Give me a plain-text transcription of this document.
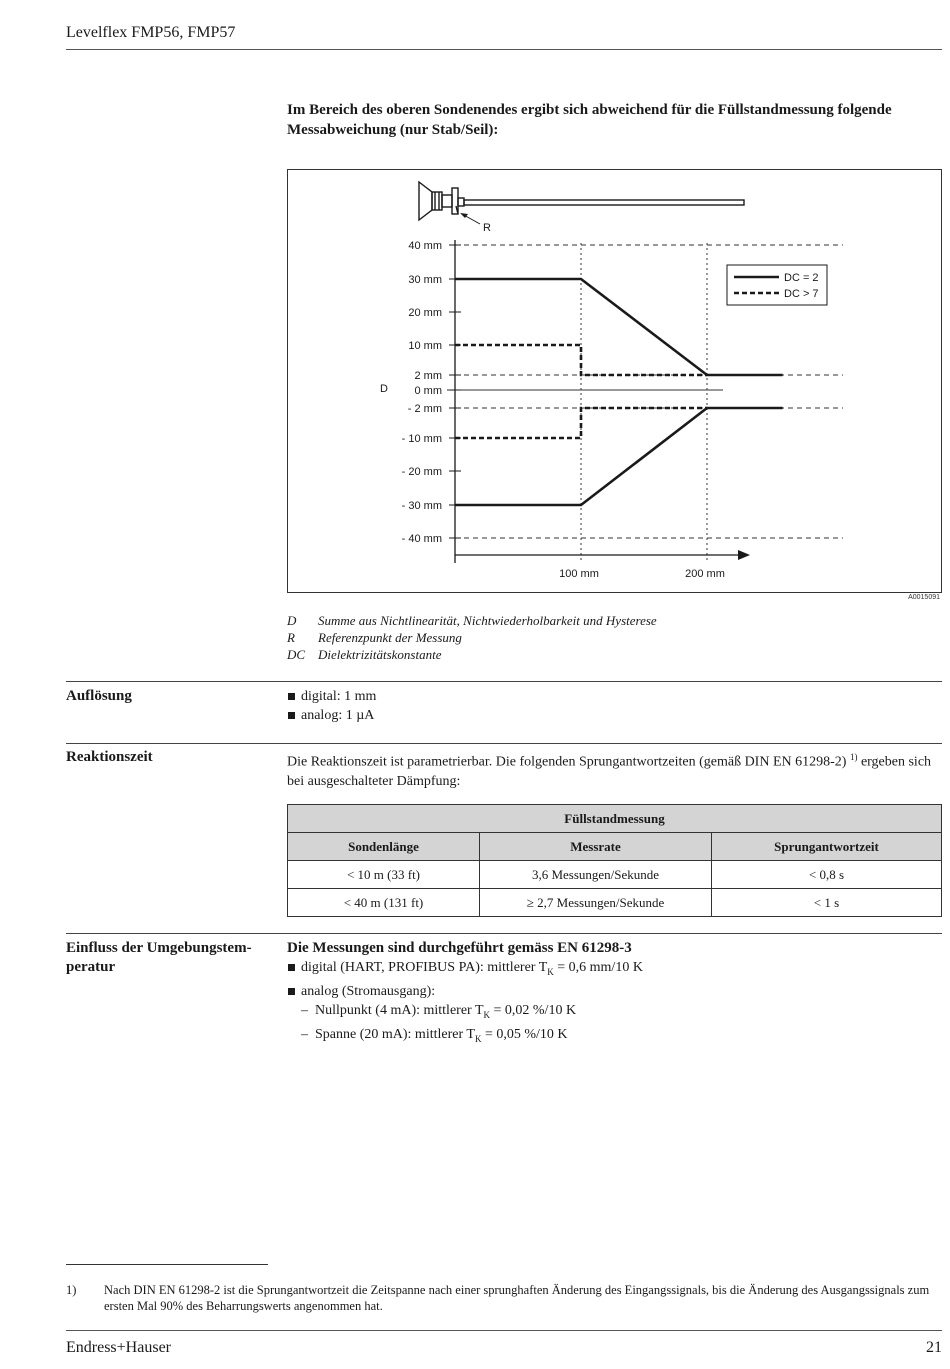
Levelflex FMP56, FMP57
Im Bereich des oberen Sondenendes ergibt sich abweichend für die Füllstandmessung folgende Messabweichung (nur Stab/Seil):
R
40 mm
30 mm
20 mm
10 mm
2 mm
0 mm
- 2 mm
- 10 mm
- 20 mm
- 30 mm
- 40 mm
100 mm	200 mm
D
DC = 2
DC > 7
A0015091
D	Summe aus Nichtlinearität, Nichtwiederholbarkeit und Hysterese
R	Referenzpunkt der Messung
DC Dielektrizitätskonstante
Auflösung	digital: 1 mm
analog: 1 µA
Reaktionszeit	Die Reaktionszeit ist parametrierbar. Die folgenden Sprungantwortzeiten (gemäß DIN EN 61298-2) $^{1)}$ ergeben sich bei ausgeschalteter Dämpfung:
Füllstandmessung		
Sondenlänge	Messrate	Sprungantwortzeit
< 10 m (33 ft)	3,6 Messungen/Sekunde	< 0,8 s
< 40 m (131 ft)	≥ 2,7 Messungen/Sekunde	< 1 s
Einfluss der Umgebungstem-
peratur
Die Messungen sind durchgeführt gemäss EN 61298-3
digital (HART, PROFIBUS PA): mittlerer $T_K = 0,6$ mm/10 K
analog (Stromausgang):
– Nullpunkt (4 mA): mittlerer $T_K = 0,02$ %/10 K
– Spanne (20 mA): mittlerer $T_K = 0,05$ %/10 K
1) Nach DIN EN 61298-2 ist die Sprungantwortzeit die Zeitspanne nach einer sprunghaften Änderung des Eingangssignals, bis die Änderung des Ausgangssignals zum ersten Mal 90% des Beharrungswerts angenommen hat.
Endress+Hauser	21
